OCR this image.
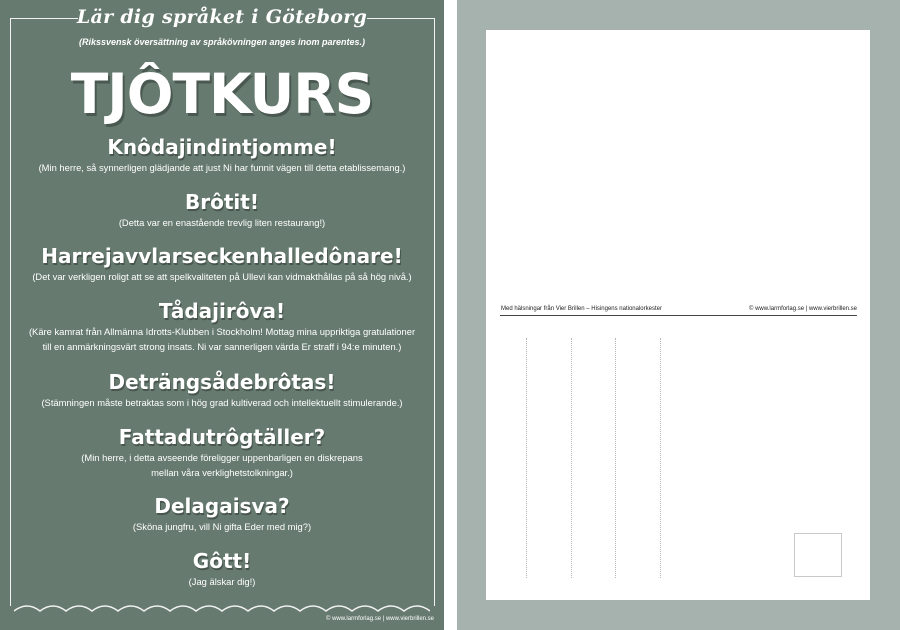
Lär dig språket i Göteborg
(Rikssvensk översättning av språkövningen anges inom parentes.)
TJÔTKURS
Knôdajindintjomme!
(Min herre, så synnerligen glädjande att just Ni har funnit vägen till detta etablissemang.)
Brôtit!
(Detta var en enastående trevlig liten restaurang!)
Harrejavvlarseckenhalledônare!
(Det var verkligen roligt att se att spelkvaliteten på Ullevi kan vidmakthållas på så hög nivå.)
Tådajirôva!
(Käre kamrat från Allmänna Idrotts-Klubben i Stockholm! Mottag mina uppriktiga gratulationer
till en anmärkningsvärt strong insats. Ni var sannerligen värda Er straff i 94:e minuten.)
Deträngsådebrôtas!
(Stämningen måste betraktas som i hög grad kultiverad och intellektuellt stimulerande.)
Fattadutrôgtäller?
(Min herre, i detta avseende föreligger uppenbarligen en diskrepans
mellan våra verklighetstolkningar.)
Delagaisva?
(Sköna jungfru, vill Ni gifta Eder med mig?)
Gôtt!
(Jag älskar dig!)
© www.larmforlag.se | www.vierbrillen.se
Med hälsningar från Vier Brillen – Hisingens nationalorkester	© www.larmforlag.se | www.vierbrillen.se
